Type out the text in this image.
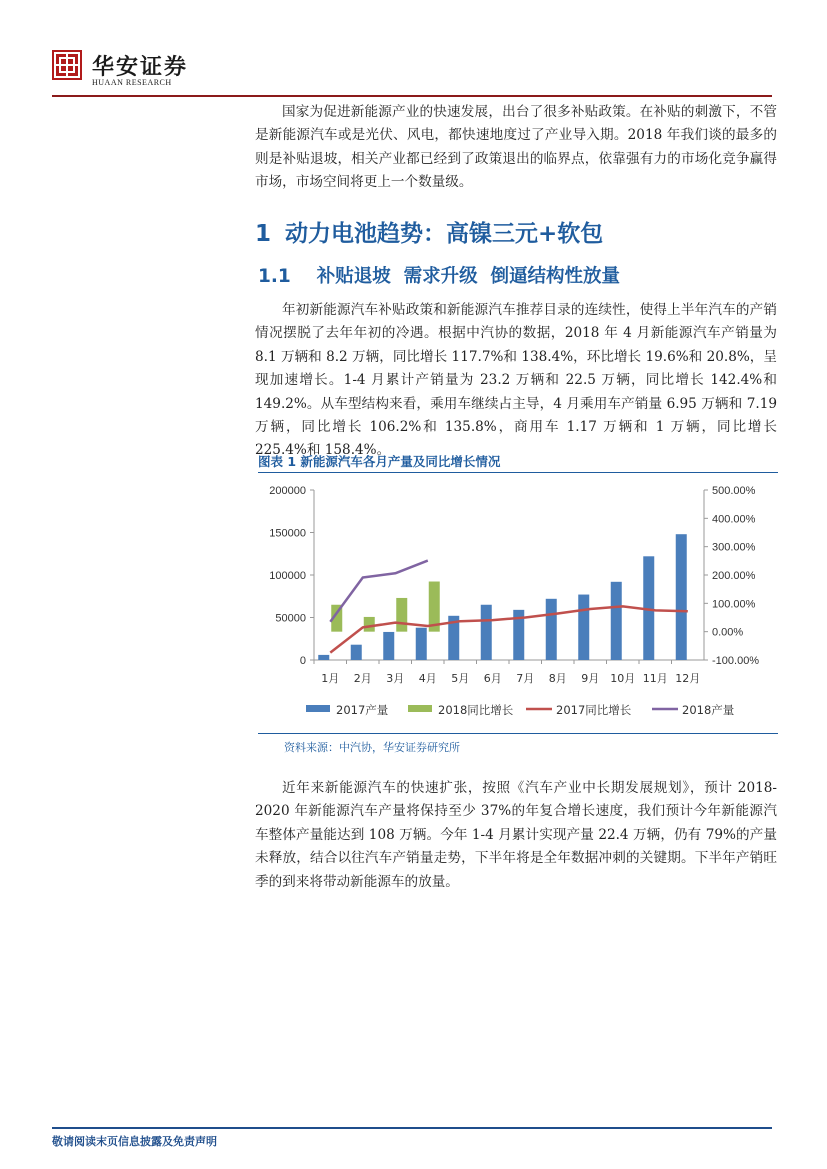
华安证券
HUAAN RESEARCH

国家为促进新能源产业的快速发展，出台了很多补贴政策。在补贴的刺激下，不管是新能源汽车或是光伏、风电，都快速地度过了产业导入期。2018 年我们谈的最多的则是补贴退坡，相关产业都已经到了政策退出的临界点，依靠强有力的市场化竞争赢得市场，市场空间将更上一个数量级。

1 动力电池趋势：高镍三元+软包
1.1 补贴退坡  需求升级  倒逼结构性放量

年初新能源汽车补贴政策和新能源汽车推荐目录的连续性，使得上半年汽车的产销情况摆脱了去年年初的冷遇。根据中汽协的数据，2018 年 4 月新能源汽车产销量为 8.1 万辆和 8.2 万辆，同比增长 117.7%和 138.4%，环比增长 19.6%和 20.8%，呈现加速增长。1-4 月累计产销量为 23.2 万辆和 22.5 万辆，同比增长 142.4%和 149.2%。从车型结构来看，乘用车继续占主导，4 月乘用车产销量 6.95 万辆和 7.19 万辆，同比增长 106.2%和 135.8%，商用车 1.17 万辆和 1 万辆，同比增长 225.4%和 158.4%。

图表 1 新能源汽车各月产量及同比增长情况
0
50000
100000
150000
200000
-100.00%
0.00%
100.00%
200.00%
300.00%
400.00%
500.00%
1月 2月 3月 4月 5月 6月 7月 8月 9月 10月 11月 12月
2017产量	2018同比增长	2017同比增长	2018产量
资料来源：中汽协，华安证券研究所

近年来新能源汽车的快速扩张，按照《汽车产业中长期发展规划》，预计 2018-2020 年新能源汽车产量将保持至少 37%的年复合增长速度，我们预计今年新能源汽车整体产量能达到 108 万辆。今年 1-4 月累计实现产量 22.4 万辆，仍有 79%的产量未释放，结合以往汽车产销量走势，下半年将是全年数据冲刺的关键期。下半年产销旺季的到来将带动新能源车的放量。

敬请阅读末页信息披露及免责声明
